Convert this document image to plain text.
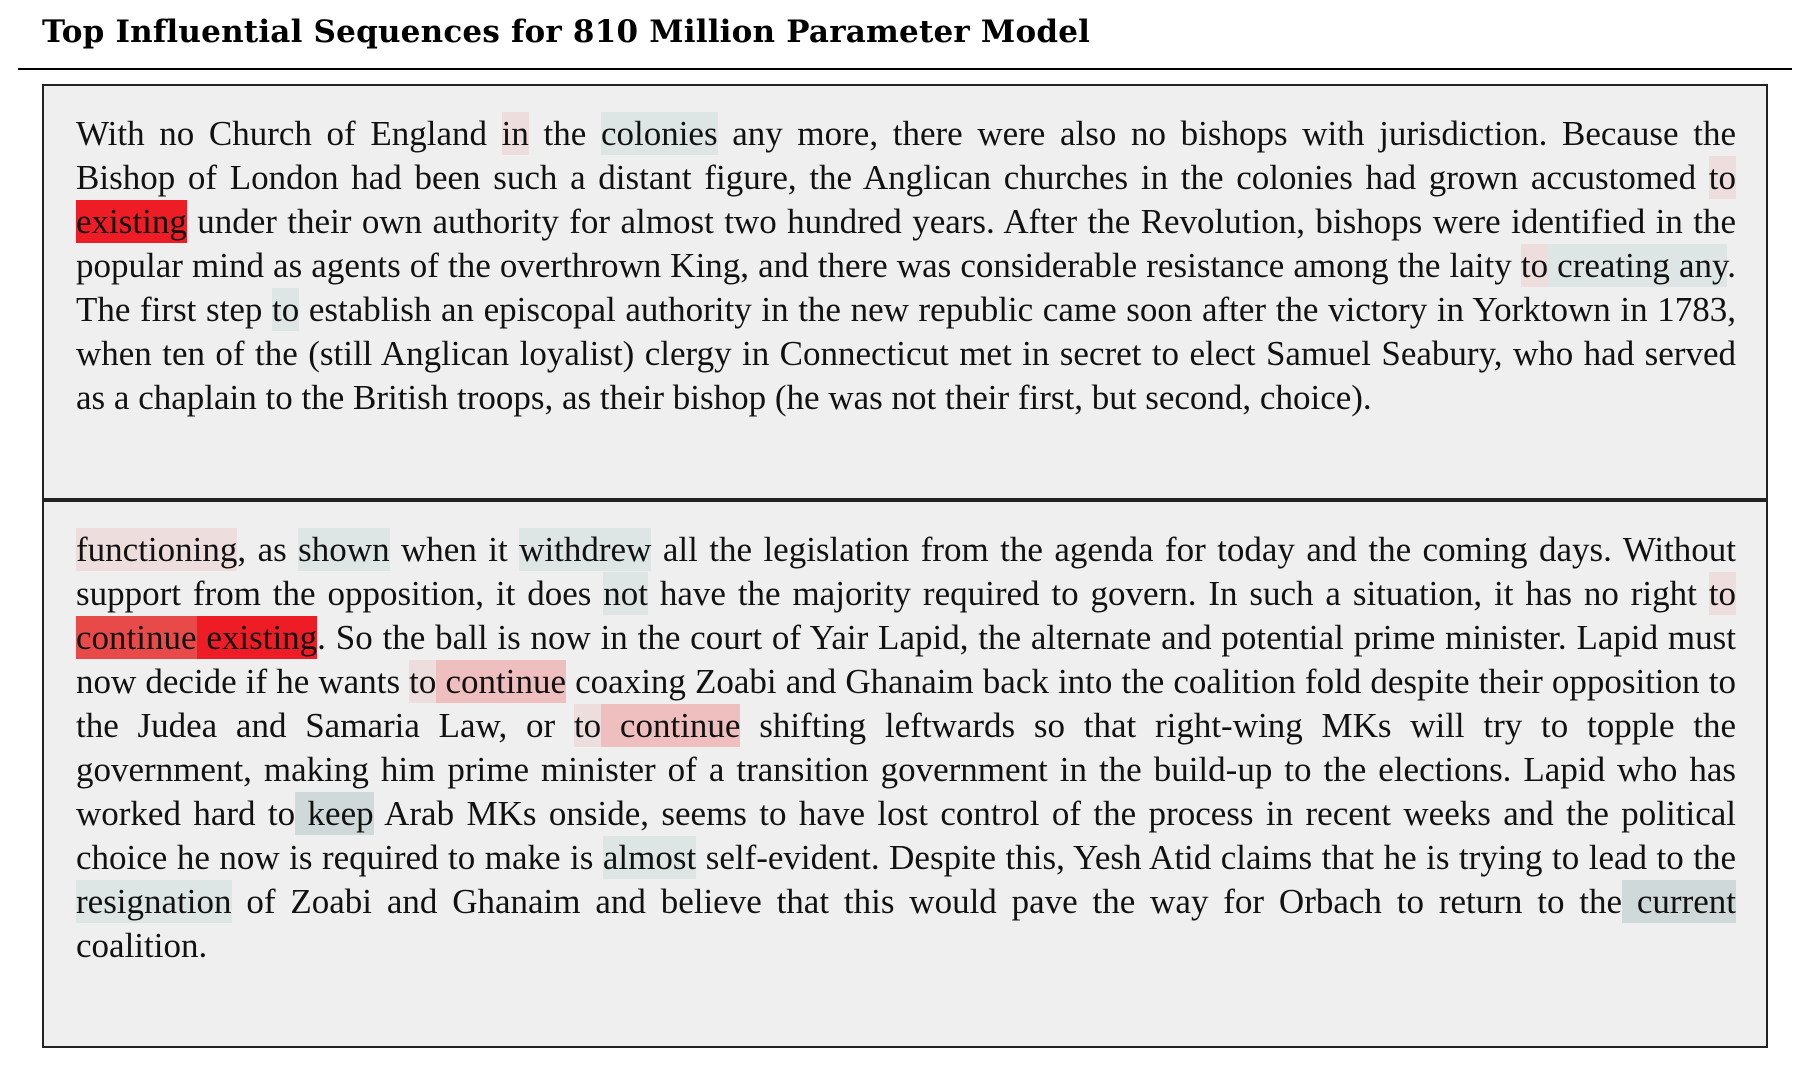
Top Influential Sequences for 810 Million Parameter Model
With no Church of England in the colonies any more, there were also no bishops with jurisdiction. Because the Bishop of London had been such a distant figure, the Anglican churches in the colonies had grown accustomed to existing under their own authority for almost two hundred years. After the Revolution, bishops were identified in the popular mind as agents of the overthrown King, and there was considerable resistance among the laity to creating any. The first step to establish an episcopal authority in the new republic came soon after the victory in Yorktown in 1783, when ten of the (still Anglican loyalist) clergy in Connecticut met in secret to elect Samuel Seabury, who had served as a chaplain to the British troops, as their bishop (he was not their first, but second, choice).
functioning, as shown when it withdrew all the legislation from the agenda for today and the coming days. Without support from the opposition, it does not have the majority required to govern. In such a situation, it has no right to continue existing. So the ball is now in the court of Yair Lapid, the alternate and potential prime minister. Lapid must now decide if he wants to continue coaxing Zoabi and Ghanaim back into the coalition fold despite their opposition to the Judea and Samaria Law, or to continue shifting leftwards so that right-wing MKs will try to topple the government, making him prime minister of a transition government in the build-up to the elections. Lapid who has worked hard to keep Arab MKs onside, seems to have lost control of the process in recent weeks and the political choice he now is required to make is almost self-evident. Despite this, Yesh Atid claims that he is trying to lead to the resignation of Zoabi and Ghanaim and believe that this would pave the way for Orbach to return to the current coalition.
